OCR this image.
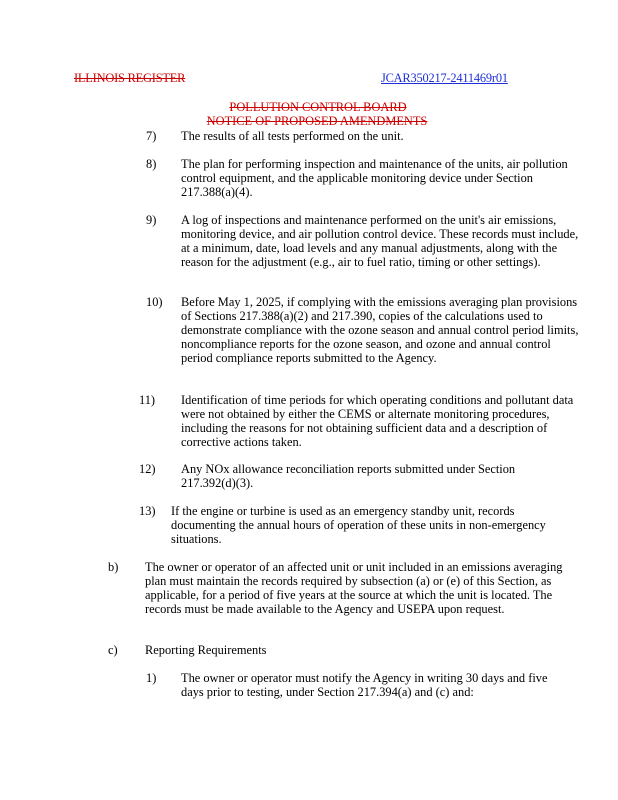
ILLINOIS REGISTER	JCAR350217-2411469r01
POLLUTION CONTROL BOARD
NOTICE OF PROPOSED AMENDMENTS
7) The results of all tests performed on the unit.
8) The plan for performing inspection and maintenance of the units, air pollution control equipment, and the applicable monitoring device under Section 217.388(a)(4).
9) A log of inspections and maintenance performed on the unit's air emissions, monitoring device, and air pollution control device. These records must include, at a minimum, date, load levels and any manual adjustments, along with the reason for the adjustment (e.g., air to fuel ratio, timing or other settings).
10) Before May 1, 2025, if complying with the emissions averaging plan provisions of Sections 217.388(a)(2) and 217.390, copies of the calculations used to demonstrate compliance with the ozone season and annual control period limits, noncompliance reports for the ozone season, and ozone and annual control period compliance reports submitted to the Agency.
11) Identification of time periods for which operating conditions and pollutant data were not obtained by either the CEMS or alternate monitoring procedures, including the reasons for not obtaining sufficient data and a description of corrective actions taken.
12) Any NOx allowance reconciliation reports submitted under Section 217.392(d)(3).
13) If the engine or turbine is used as an emergency standby unit, records documenting the annual hours of operation of these units in non-emergency situations.
b) The owner or operator of an affected unit or unit included in an emissions averaging plan must maintain the records required by subsection (a) or (e) of this Section, as applicable, for a period of five years at the source at which the unit is located. The records must be made available to the Agency and USEPA upon request.
c) Reporting Requirements
1) The owner or operator must notify the Agency in writing 30 days and five days prior to testing, under Section 217.394(a) and (c) and:
